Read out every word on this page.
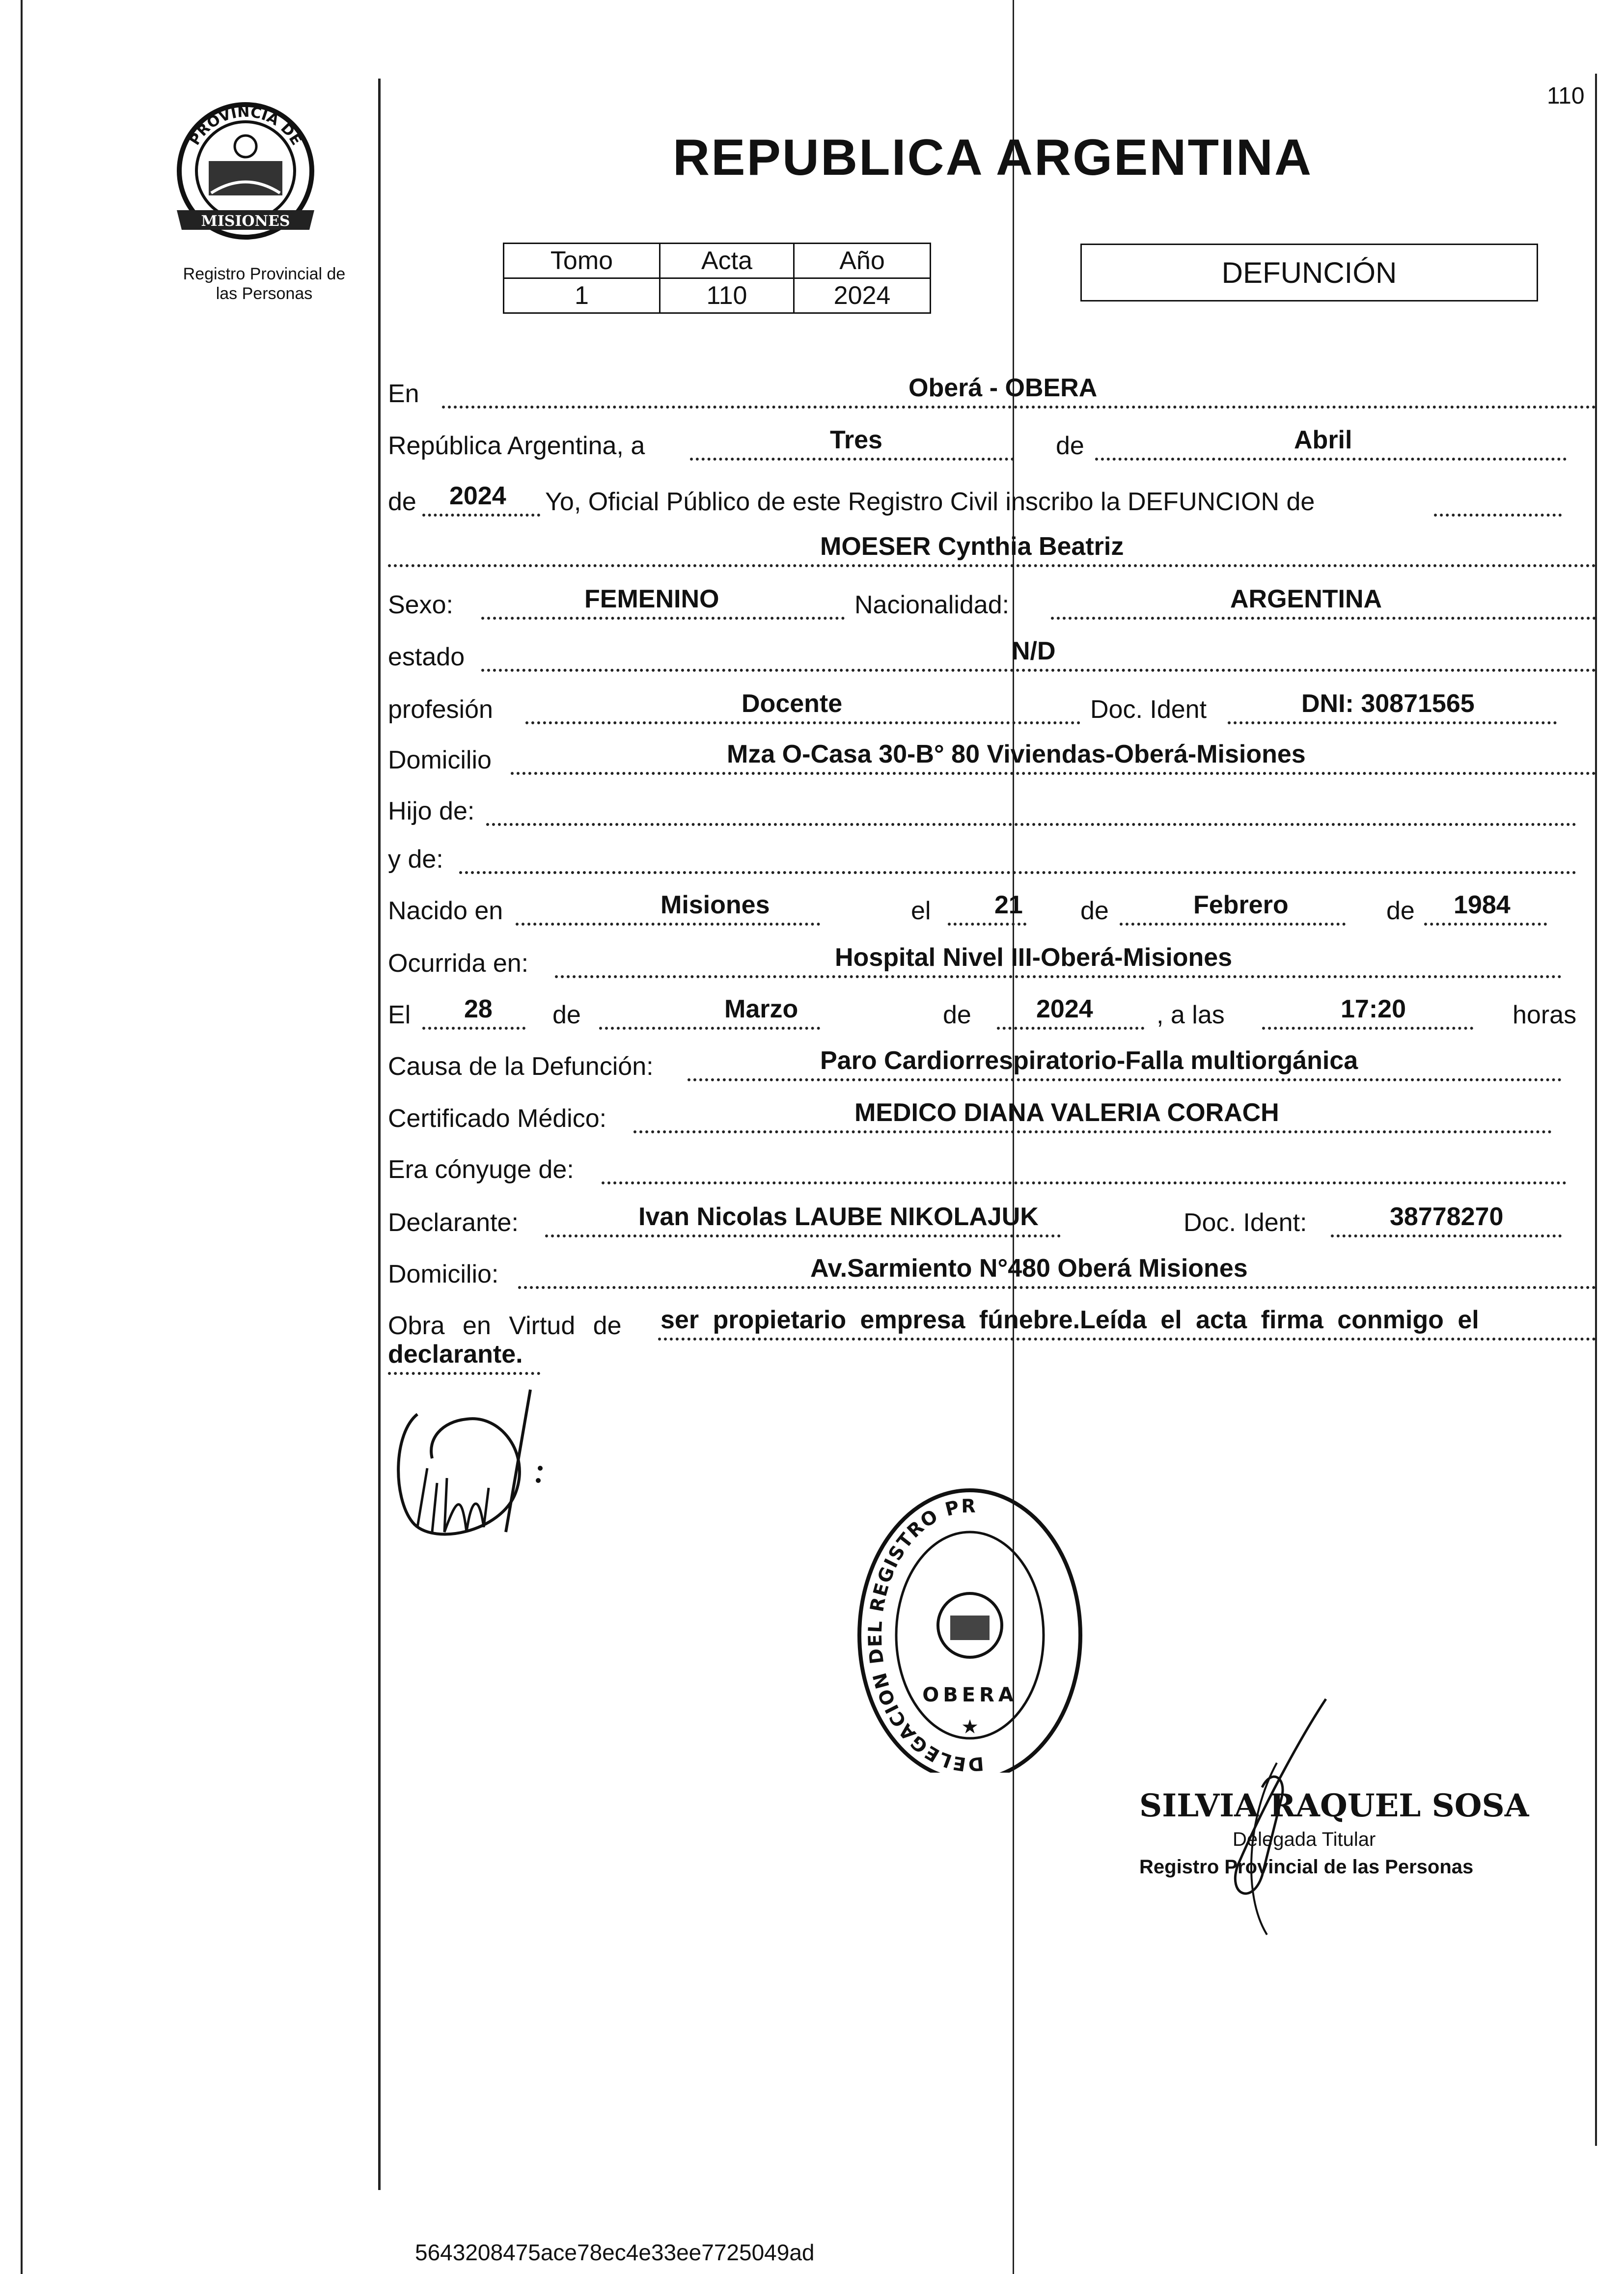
110
PROVINCIA DE
MISIONES
Registro Provincial de
las Personas
REPUBLICA ARGENTINA
Tomo	Acta	Año
1	110	2024
DEFUNCIÓN
En	Oberá - OBERA
República Argentina, a	Tres	de	Abril
de 2024 Yo, Oficial Público de este Registro Civil inscribo la DEFUNCION de
MOESER Cynthia Beatriz
Sexo:	FEMENINO	Nacionalidad:	ARGENTINA
estado	N/D
profesión	Docente	Doc. Ident	DNI: 30871565
Domicilio	Mza O-Casa 30-B° 80 Viviendas-Oberá-Misiones
Hijo de:
y de:
Nacido en	Misiones	el 21 de	Febrero	de 1984
Ocurrida en:	Hospital Nivel III-Oberá-Misiones
El 28 de	Marzo	de	2024 , a las	17:20	horas
Causa de la Defunción:	Paro Cardiorrespiratorio-Falla multiorgánica
Certificado Médico:	MEDICO DIANA VALERIA CORACH
Era cónyuge de:
Declarante:	Ivan Nicolas LAUBE NIKOLAJUK	Doc. Ident:	38778270
Domicilio:	Av.Sarmiento N°480 Oberá Misiones
Obra en Virtud de ser propietario empresa fúnebre.Leída el acta firma conmigo el
declarante.
DELEGACION DEL REGISTRO PR
OBERA
★
SILVIA RAQUEL SOSA
Delegada Titular
Registro Provincial de las Personas
5643208475ace78ec4e33ee7725049ad
